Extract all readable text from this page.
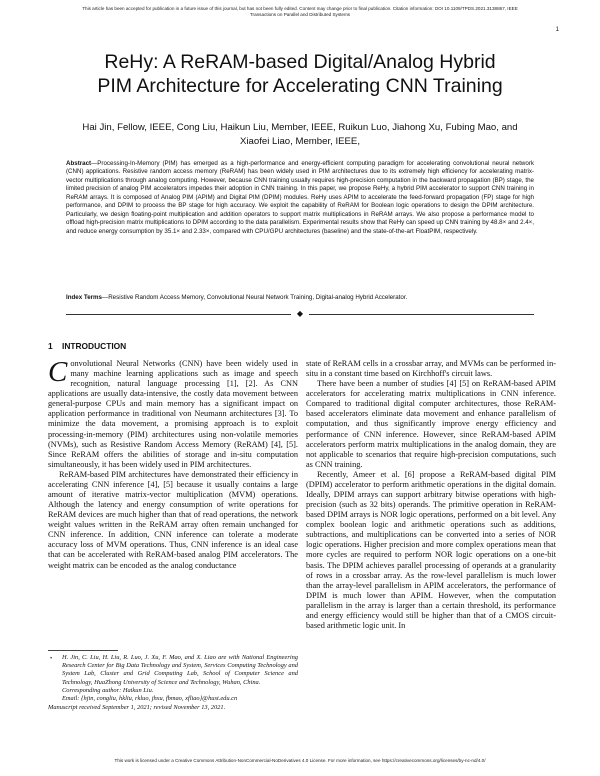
This article has been accepted for publication in a future issue of this journal, but has not been fully edited. Content may change prior to final publication. Citation information: DOI 10.1109/TPDS.2021.3138867, IEEE
Transactions on Parallel and Distributed Systems
1
ReHy: A ReRAM-based Digital/Analog Hybrid
PIM Architecture for Accelerating CNN Training
Hai Jin, Fellow, IEEE, Cong Liu, Haikun Liu, Member, IEEE, Ruikun Luo, Jiahong Xu, Fubing Mao, and
Xiaofei Liao, Member, IEEE,

Abstract—Processing-In-Memory (PIM) has emerged as a high-performance and energy-efficient computing paradigm for accelerating convolutional neural network (CNN) applications. Resistive random access memory (ReRAM) has been widely used in PIM architectures due to its extremely high efficiency for accelerating matrix-vector multiplications through analog computing. However, because CNN training usually requires high-precision computation in the backward propagation (BP) stage, the limited precision of analog PIM accelerators impedes their adoption in CNN training. In this paper, we propose ReHy, a hybrid PIM accelerator to support CNN training in ReRAM arrays. It is composed of Analog PIM (APIM) and Digital PIM (DPIM) modules. ReHy uses APIM to accelerate the feed-forward propagation (FP) stage for high performance, and DPIM to process the BP stage for high accuracy. We exploit the capability of ReRAM for Boolean logic operations to design the DPIM architecture. Particularly, we design floating-point multiplication and addition operators to support matrix multiplications in ReRAM arrays. We also propose a performance model to offload high-precision matrix multiplications to DPIM according to the data parallelism. Experimental results show that ReHy can speed up CNN training by 48.8× and 2.4×, and reduce energy consumption by 35.1× and 2.33×, compared with CPU/GPU architectures (baseline) and the state-of-the-art FloatPIM, respectively.

Index Terms—Resistive Random Access Memory, Convolutional Neural Network Training, Digital-analog Hybrid Accelerator.

◆
1 INTRODUCTION

Convolutional Neural Networks (CNN) have been widely used in many machine learning applications such as image and speech recognition, natural language processing [1], [2]. As CNN applications are usually data-intensive, the costly data movement between general-purpose CPUs and main memory has a significant impact on application performance in traditional von Neumann architectures [3]. To minimize the data movement, a promising approach is to exploit processing-in-memory (PIM) architectures using non-volatile memories (NVMs), such as Resistive Random Access Memory (ReRAM) [4], [5]. Since ReRAM offers the abilities of storage and in-situ computation simultaneously, it has been widely used in PIM architectures.

ReRAM-based PIM architectures have demonstrated their efficiency in accelerating CNN inference [4], [5] because it usually contains a large amount of iterative matrix-vector multiplication (MVM) operations. Although the latency and energy consumption of write operations for ReRAM devices are much higher than that of read operations, the network weight values written in the ReRAM array often remain unchanged for CNN inference. In addition, CNN inference can tolerate a moderate accuracy loss of MVM operations. Thus, CNN inference is an ideal case that can be accelerated with ReRAM-based analog PIM accelerators. The weight matrix can be encoded as the analog conductance

• H. Jin, C. Liu, H. Liu, R. Luo, J. Xu, F. Mao, and X. Liao are with National Engineering Research Center for Big Data Technology and System, Services Computing Technology and System Lab, Cluster and Grid Computing Lab, School of Computer Science and Technology, HuaZhong University of Science and Technology, Wuhan, China.
Corresponding author: Haikun Liu.
Email: {hjin, congliu, hkliu, rkluo, jhxu, fbmao, xfliao}@hust.edu.cn
Manuscript received September 1, 2021; revised November 13, 2021.

state of ReRAM cells in a crossbar array, and MVMs can be performed in-situ in a constant time based on Kirchhoff's circuit laws.

There have been a number of studies [4] [5] on ReRAM-based APIM accelerators for accelerating matrix multiplications in CNN inference. Compared to traditional digital computer architectures, those ReRAM-based accelerators eliminate data movement and enhance parallelism of computation, and thus significantly improve energy efficiency and performance of CNN inference. However, since ReRAM-based APIM accelerators perform matrix multiplications in the analog domain, they are not applicable to scenarios that require high-precision computations, such as CNN training.

Recently, Ameer et al. [6] propose a ReRAM-based digital PIM (DPIM) accelerator to perform arithmetic operations in the digital domain. Ideally, DPIM arrays can support arbitrary bitwise operations with high-precision (such as 32 bits) operands. The primitive operation in ReRAM-based DPIM arrays is NOR logic operations, performed on a bit level. Any complex boolean logic and arithmetic operations such as additions, subtractions, and multiplications can be converted into a series of NOR logic operations. Higher precision and more complex operations mean that more cycles are required to perform NOR logic operations on a one-bit basis. The DPIM achieves parallel processing of operands at a granularity of rows in a crossbar array. As the row-level parallelism is much lower than the array-level parallelism in APIM accelerators, the performance of DPIM is much lower than APIM. However, when the computation parallelism in the array is larger than a certain threshold, its performance and energy efficiency would still be higher than that of a CMOS circuit-based arithmetic logic unit. In

This work is licensed under a Creative Commons Attribution-NonCommercial-NoDerivatives 4.0 License. For more information, see https://creativecommons.org/licenses/by-nc-nd/4.0/
